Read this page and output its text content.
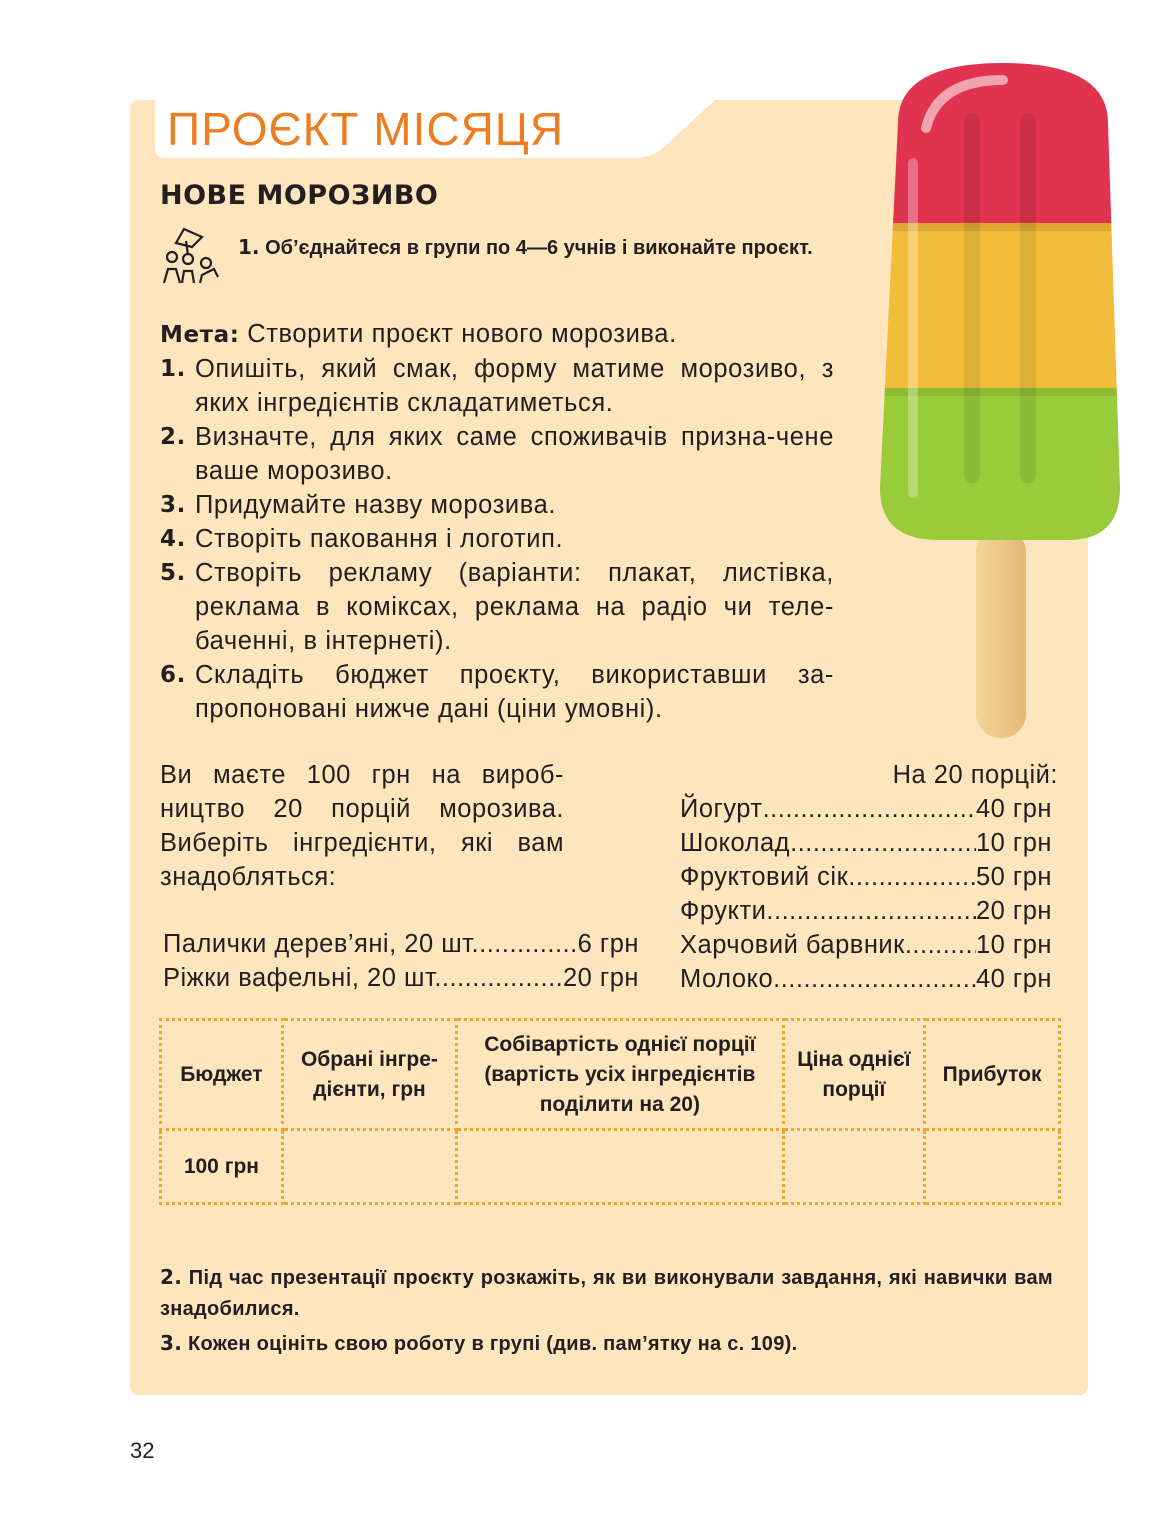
ПРОЄКТ МІСЯЦЯ
НОВЕ МОРОЗИВО
1. Об’єднайтеся в групи по 4—6 учнів і виконайте проєкт.
Мета: Створити проєкт нового морозива.
1. Опишіть, який смак, форму матиме морозиво, з яких інгредієнтів складатиметься.
2. Визначте, для яких саме споживачів призна-чене ваше морозиво.
3. Придумайте назву морозива.
4. Створіть паковання і логотип.
5. Створіть рекламу (варіанти: плакат, листівка, реклама в коміксах, реклама на радіо чи теле-баченні, в інтернеті).
6. Складіть бюджет проєкту, використавши за-пропоновані нижче дані (ціни умовні).
Ви маєте 100 грн на вироб-ництво 20 порцій морозива. Виберіть інгредієнти, які вам знадобляться:
Палички дерев’яні, 20 шт. .....	6 грн
Ріжки вафельні, 20 шт. .....	20 грн
На 20 порцій:
Йогурт .....	40 грн
Шоколад .....	10 грн
Фруктовий сік .....	50 грн
Фрукти .....	20 грн
Харчовий барвник .....	10 грн
Молоко .....	40 грн
Бюджет	Обрані інгре-дієнти, грн	Собівартість однієї порції (вартість усіх інгредієнтів поділити на 20)	Ціна однієї порції	Прибуток
100 грн				
2. Під час презентації проєкту розкажіть, як ви виконували завдання, які навички вам знадобилися.
3. Кожен оцініть свою роботу в групі (див. пам’ятку на с. 109).
32
